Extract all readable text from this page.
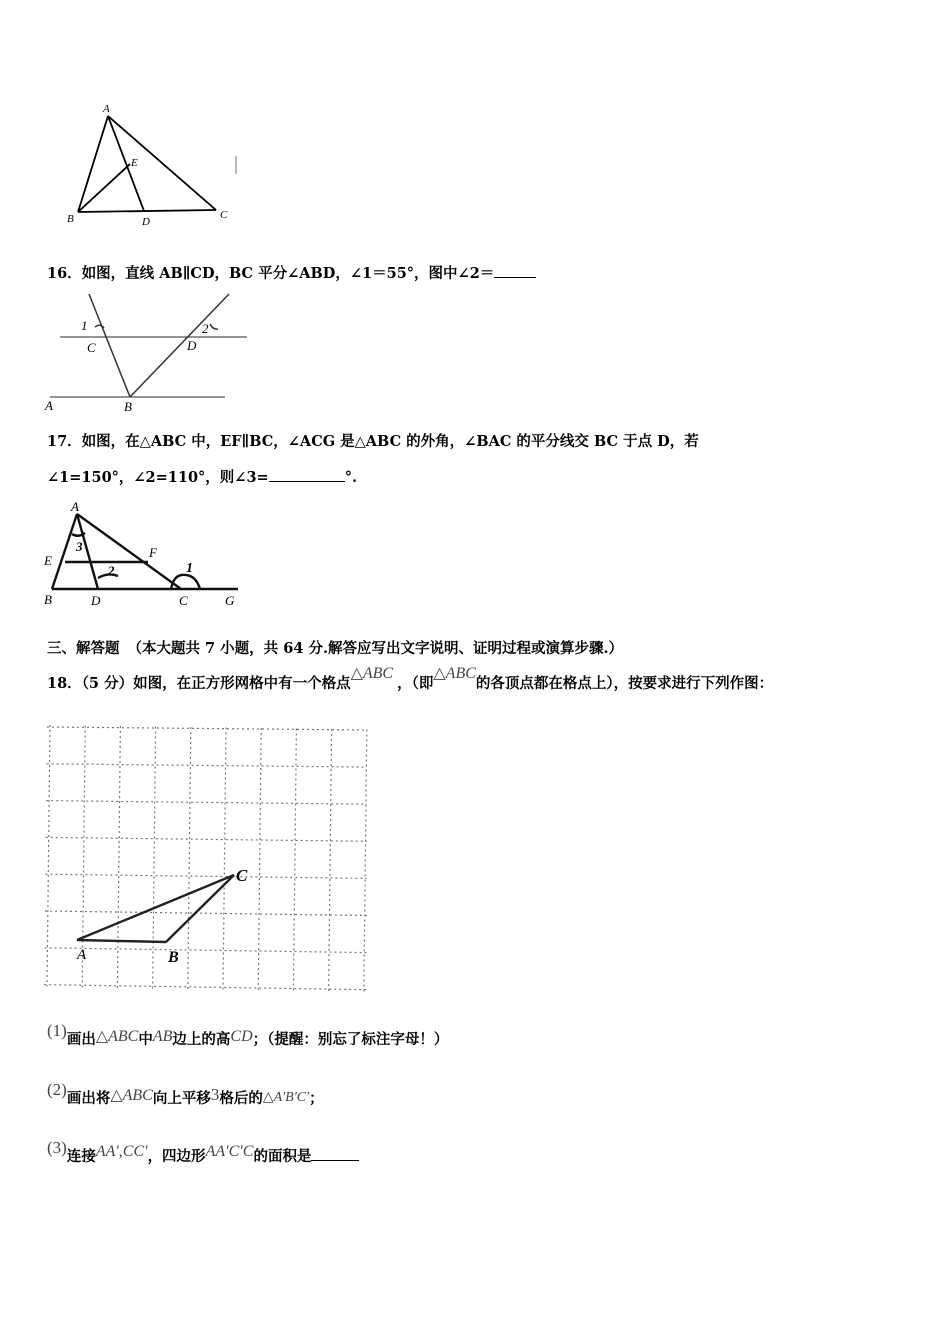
A
E
B	D
C
16．如图，直线 AB∥CD，BC 平分∠ABD，∠1＝55°，图中∠2＝
1	2
C	D
A	B
17．如图，在△ABC 中，EF∥BC，∠ACG 是△ABC 的外角，∠BAC 的平分线交 BC 于点 D，若
∠1=150°，∠2=110°，则∠3=	°.
A
E
F
B	D	C	G
1
2
3
三、解答题 （本大题共 7 小题，共 64 分.解答应写出文字说明、证明过程或演算步骤.）
18．（5 分）如图，在正方形网格中有一个格点△ABC，（即△ABC的各顶点都在格点上），按要求进行下列作图：
A	B
C
(1)画出△ABC中AB边上的高CD；（提醒：别忘了标注字母！）
(2)画出将△ABC向上平移3格后的△A'B'C'；
(3)连接AA',CC'，四边形AA′C′C的面积是
